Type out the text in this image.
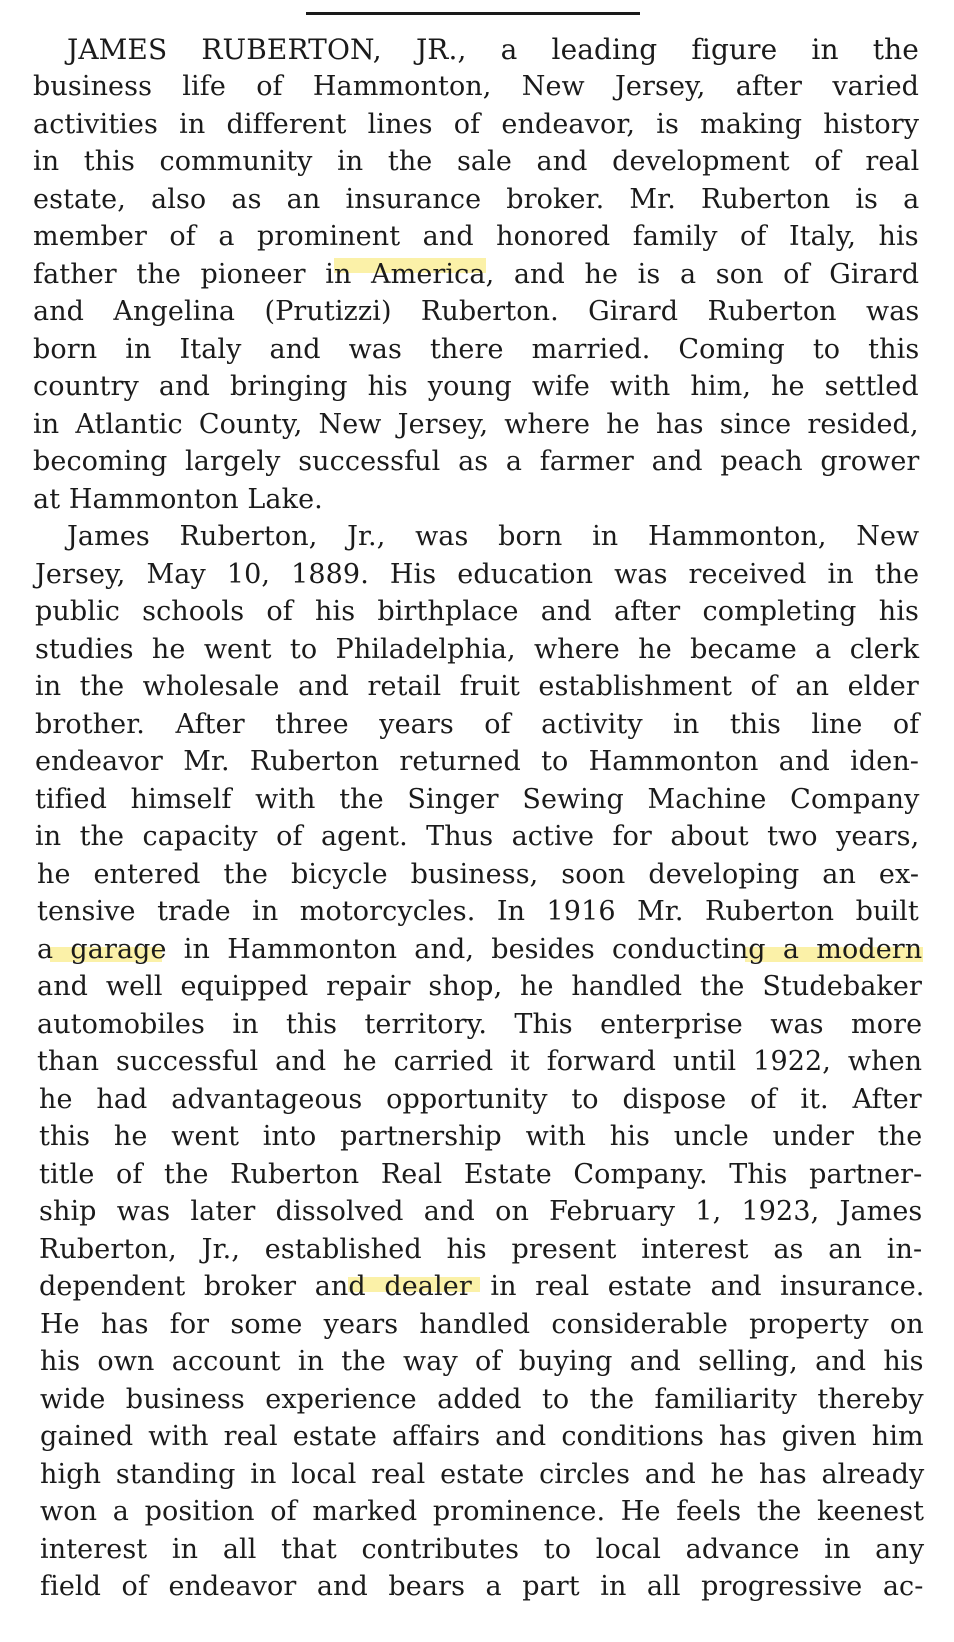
JAMES RUBERTON, JR., a leading figure in the
business life of Hammonton, New Jersey, after varied
activities in different lines of endeavor, is making history
in this community in the sale and development of real
estate, also as an insurance broker. Mr. Ruberton is a
member of a prominent and honored family of Italy, his
father the pioneer in America, and he is a son of Girard
and Angelina (Prutizzi) Ruberton. Girard Ruberton was
born in Italy and was there married. Coming to this
country and bringing his young wife with him, he settled
in Atlantic County, New Jersey, where he has since resided,
becoming largely successful as a farmer and peach grower
at Hammonton Lake.
James Ruberton, Jr., was born in Hammonton, New
Jersey, May 10, 1889. His education was received in the
public schools of his birthplace and after completing his
studies he went to Philadelphia, where he became a clerk
in the wholesale and retail fruit establishment of an elder
brother. After three years of activity in this line of
endeavor Mr. Ruberton returned to Hammonton and iden-
tified himself with the Singer Sewing Machine Company
in the capacity of agent. Thus active for about two years,
he entered the bicycle business, soon developing an ex-
tensive trade in motorcycles. In 1916 Mr. Ruberton built
a garage in Hammonton and, besides conducting a modern
and well equipped repair shop, he handled the Studebaker
automobiles in this territory. This enterprise was more
than successful and he carried it forward until 1922, when
he had advantageous opportunity to dispose of it. After
this he went into partnership with his uncle under the
title of the Ruberton Real Estate Company. This partner-
ship was later dissolved and on February 1, 1923, James
Ruberton, Jr., established his present interest as an in-
dependent broker and dealer in real estate and insurance.
He has for some years handled considerable property on
his own account in the way of buying and selling, and his
wide business experience added to the familiarity thereby
gained with real estate affairs and conditions has given him
high standing in local real estate circles and he has already
won a position of marked prominence. He feels the keenest
interest in all that contributes to local advance in any
field of endeavor and bears a part in all progressive ac-
